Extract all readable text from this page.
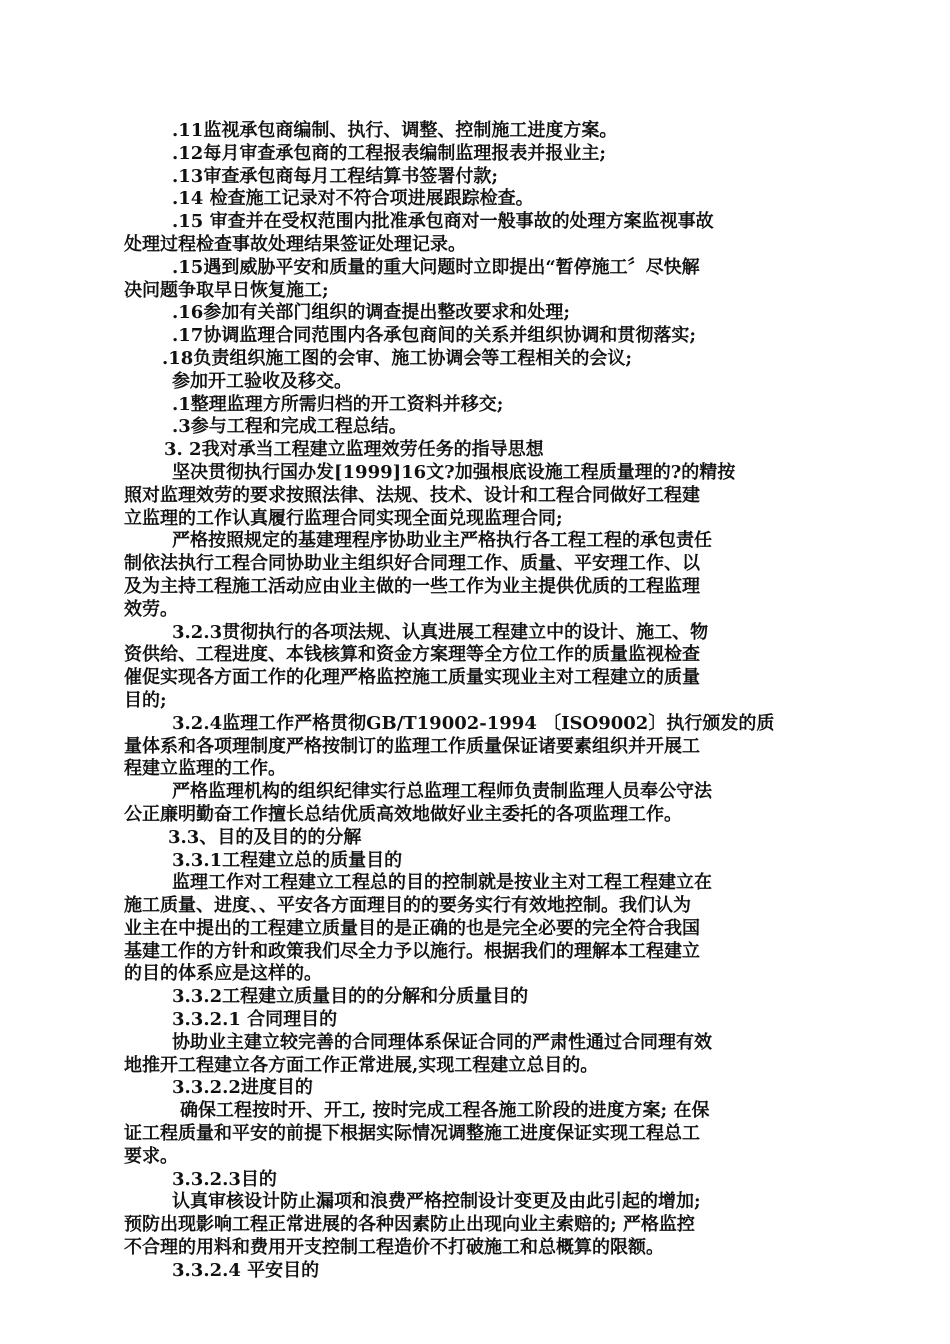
.11监视承包商编制、执行、调整、控制施工进度方案。
.12每月审查承包商的工程报表编制监理报表并报业主;
.13审查承包商每月工程结算书签署付款;
.14 检查施工记录对不符合项进展跟踪检查。
.15 审查并在受权范围内批准承包商对一般事故的处理方案监视事故
处理过程检查事故处理结果签证处理记录。
.15遇到威胁平安和质量的重大问题时立即提出“暂停施工〞尽快解
决问题争取早日恢复施工;
.16参加有关部门组织的调查提出整改要求和处理;
.17协调监理合同范围内各承包商间的关系并组织协调和贯彻落实;
.18负责组织施工图的会审、施工协调会等工程相关的会议;
参加开工验收及移交。
.1整理监理方所需归档的开工资料并移交;
.3参与工程和完成工程总结。
3. 2我对承当工程建立监理效劳任务的指导思想
坚决贯彻执行国办发[1999]16文?加强根底设施工程质量理的?的精按
照对监理效劳的要求按照法律、法规、技术、设计和工程合同做好工程建
立监理的工作认真履行监理合同实现全面兑现监理合同;
严格按照规定的基建理程序协助业主严格执行各工程工程的承包责任
制依法执行工程合同协助业主组织好合同理工作、质量、平安理工作、以
及为主持工程施工活动应由业主做的一些工作为业主提供优质的工程监理
效劳。
3.2.3贯彻执行的各项法规、认真进展工程建立中的设计、施工、物
资供给、工程进度、本钱核算和资金方案理等全方位工作的质量监视检查
催促实现各方面工作的化理严格监控施工质量实现业主对工程建立的质量
目的;
3.2.4监理工作严格贯彻GB/T19002-1994 〔ISO9002〕执行颁发的质
量体系和各项理制度严格按制订的监理工作质量保证诸要素组织并开展工
程建立监理的工作。
严格监理机构的组织纪律实行总监理工程师负责制监理人员奉公守法
公正廉明勤奋工作擅长总结优质高效地做好业主委托的各项监理工作。
3.3、目的及目的的分解
3.3.1工程建立总的质量目的
监理工作对工程建立工程总的目的控制就是按业主对工程工程建立在
施工质量、进度、、平安各方面理目的的要务实行有效地控制。我们认为
业主在中提出的工程建立质量目的是正确的也是完全必要的完全符合我国
基建工作的方针和政策我们尽全力予以施行。根据我们的理解本工程建立
的目的体系应是这样的。
3.3.2工程建立质量目的的分解和分质量目的
3.3.2.1 合同理目的
协助业主建立较完善的合同理体系保证合同的严肃性通过合同理有效
地推开工程建立各方面工作正常进展,实现工程建立总目的。
3.3.2.2进度目的
确保工程按时开、开工, 按时完成工程各施工阶段的进度方案; 在保
证工程质量和平安的前提下根据实际情况调整施工进度保证实现工程总工
要求。
3.3.2.3目的
认真审核设计防止漏项和浪费严格控制设计变更及由此引起的增加;
预防出现影响工程正常进展的各种因素防止出现向业主索赔的; 严格监控
不合理的用料和费用开支控制工程造价不打破施工和总概算的限额。
3.3.2.4 平安目的
